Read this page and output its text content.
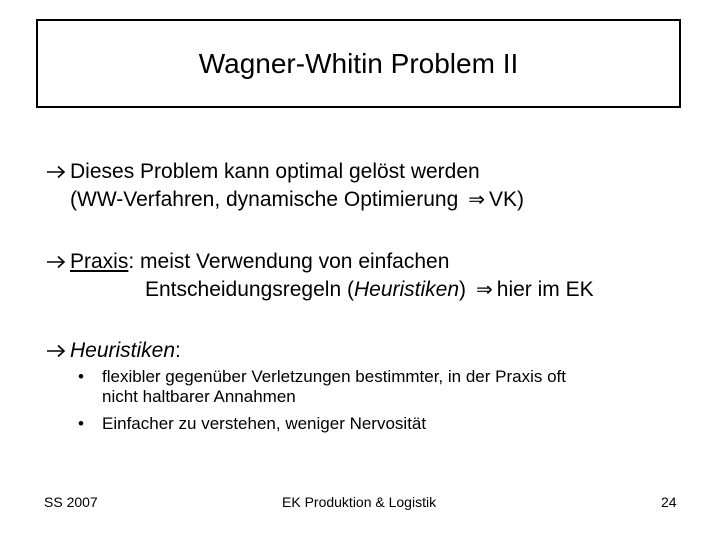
Wagner-Whitin Problem II
Dieses Problem kann optimal gelöst werden
(WW-Verfahren, dynamische Optimierung ⇒ VK)
Praxis: meist Verwendung von einfachen
Entscheidungsregeln (Heuristiken) ⇒ hier im EK
Heuristiken:
• flexibler gegenüber Verletzungen bestimmter, in der Praxis oft
nicht haltbarer Annahmen
• Einfacher zu verstehen, weniger Nervosität
SS 2007	EK Produktion & Logistik	24
